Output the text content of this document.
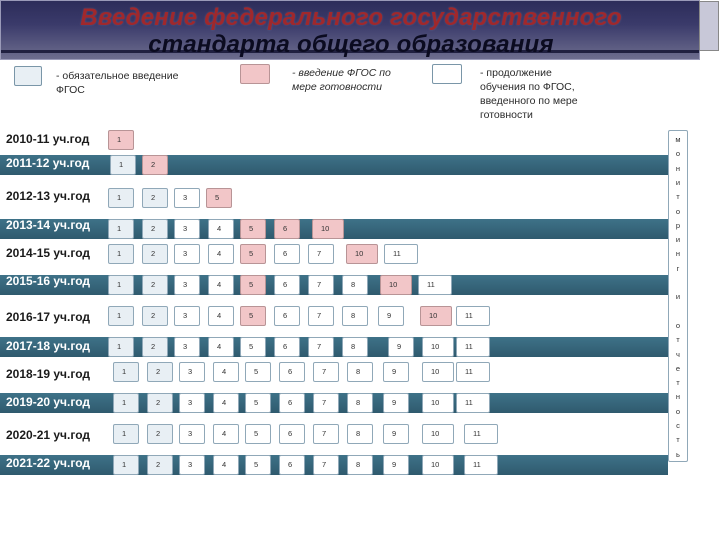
Введение федерального государственного
стандарта общего образования
- обязательное введение
ФГОС
- введение ФГОС по
мере готовности
- продолжение
обучения по ФГОС,
введенного по мере
готовности
2010-11 уч.год	1
2011-12 уч.год	1	2
2012-13 уч.год	1	2	3	5
2013-14 уч.год	1	2	3	4	5	6	10
2014-15 уч.год	1	2	3	4	5	6	7	10	11
2015-16 уч.год	1	2	3	4	5	6	7	8	10	11
2016-17 уч.год	1	2	3	4	5	6	7	8	9	10	11
2017-18 уч.год	1	2	3	4	5	6	7	8	9	10	11
2018-19 уч.год	1	2	3	4	5	6	7	8	9	10	11
2019-20 уч.год	1	2	3	4	5	6	7	8	9	10	11
2020-21 уч.год	1	2	3	4	5	6	7	8	9	10	11
2021-22 уч.год	1	2	3	4	5	6	7	8	9	10	11
м
о
н
и
т
о
р
и
н
г
и
о
т
ч
е
т
н
о
с
т
ь
